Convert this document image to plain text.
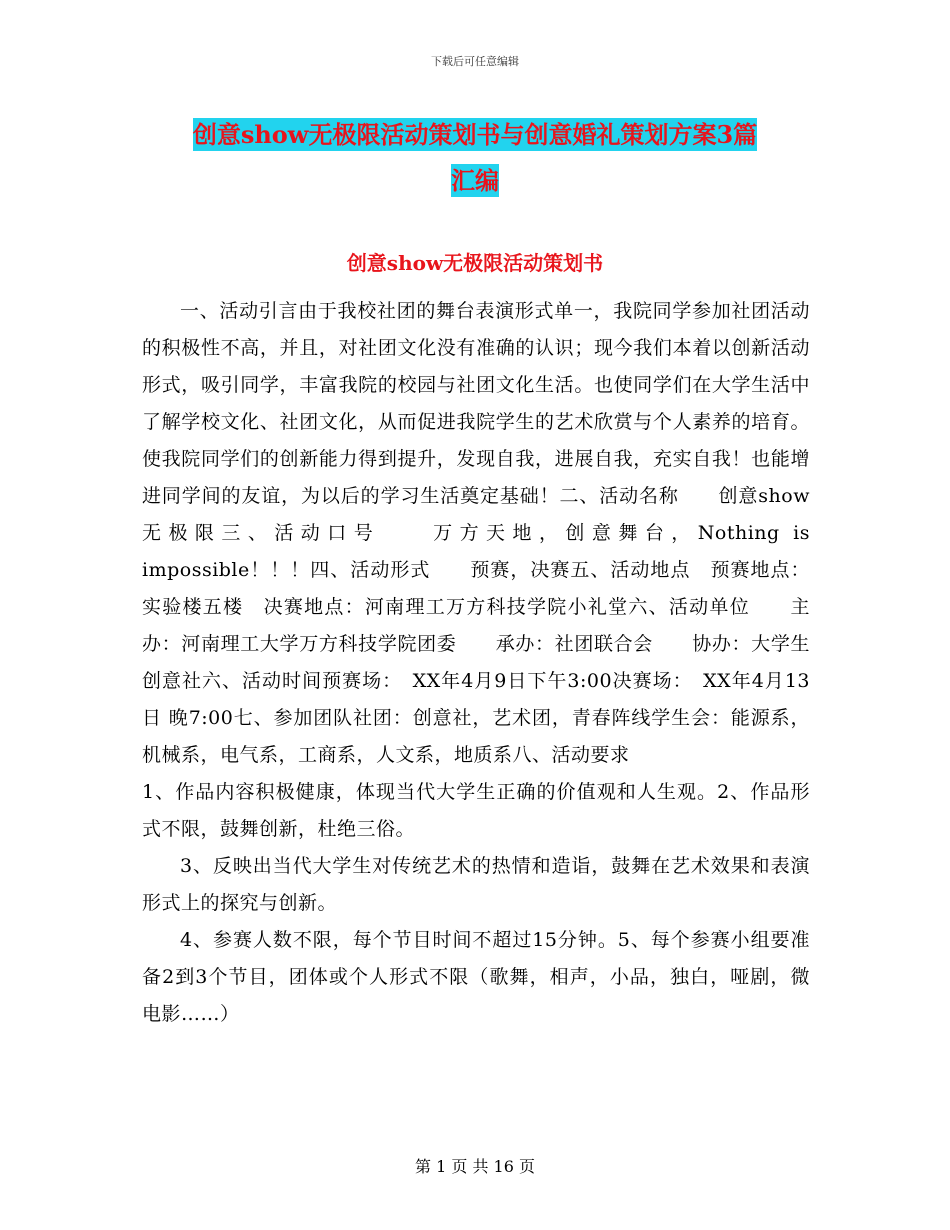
下载后可任意编辑
创意show无极限活动策划书与创意婚礼策划方案3篇
汇编
创意show无极限活动策划书

一、活动引言由于我校社团的舞台表演形式单一，我院同学参加社团活动的积极性不高，并且，对社团文化没有准确的认识；现今我们本着以创新活动形式，吸引同学，丰富我院的校园与社团文化生活。也使同学们在大学生活中了解学校文化、社团文化，从而促进我院学生的艺术欣赏与个人素养的培育。使我院同学们的创新能力得到提升，发现自我，进展自我，充实自我！也能增进同学间的友谊，为以后的学习生活奠定基础！二、活动名称　　创意show无极限三、活动口号　　万方天地，创意舞台，Nothing is impossible！！！四、活动形式　　预赛，决赛五、活动地点　预赛地点：实验楼五楼　决赛地点：河南理工万方科技学院小礼堂六、活动单位　　主办：河南理工大学万方科技学院团委　　承办：社团联合会　　协办：大学生创意社六、活动时间预赛场：　XX年4月9日下午3:00决赛场：　XX年4月13日 晚7:00七、参加团队社团：创意社，艺术团，青春阵线学生会：能源系，机械系，电气系，工商系，人文系，地质系八、活动要求

1、作品内容积极健康，体现当代大学生正确的价值观和人生观。2、作品形式不限，鼓舞创新，杜绝三俗。

3、反映出当代大学生对传统艺术的热情和造诣，鼓舞在艺术效果和表演形式上的探究与创新。

4、参赛人数不限，每个节目时间不超过15分钟。5、每个参赛小组要准备2到3个节目，团体或个人形式不限（歌舞，相声，小品，独白，哑剧，微电影……）

第 1 页 共 16 页
